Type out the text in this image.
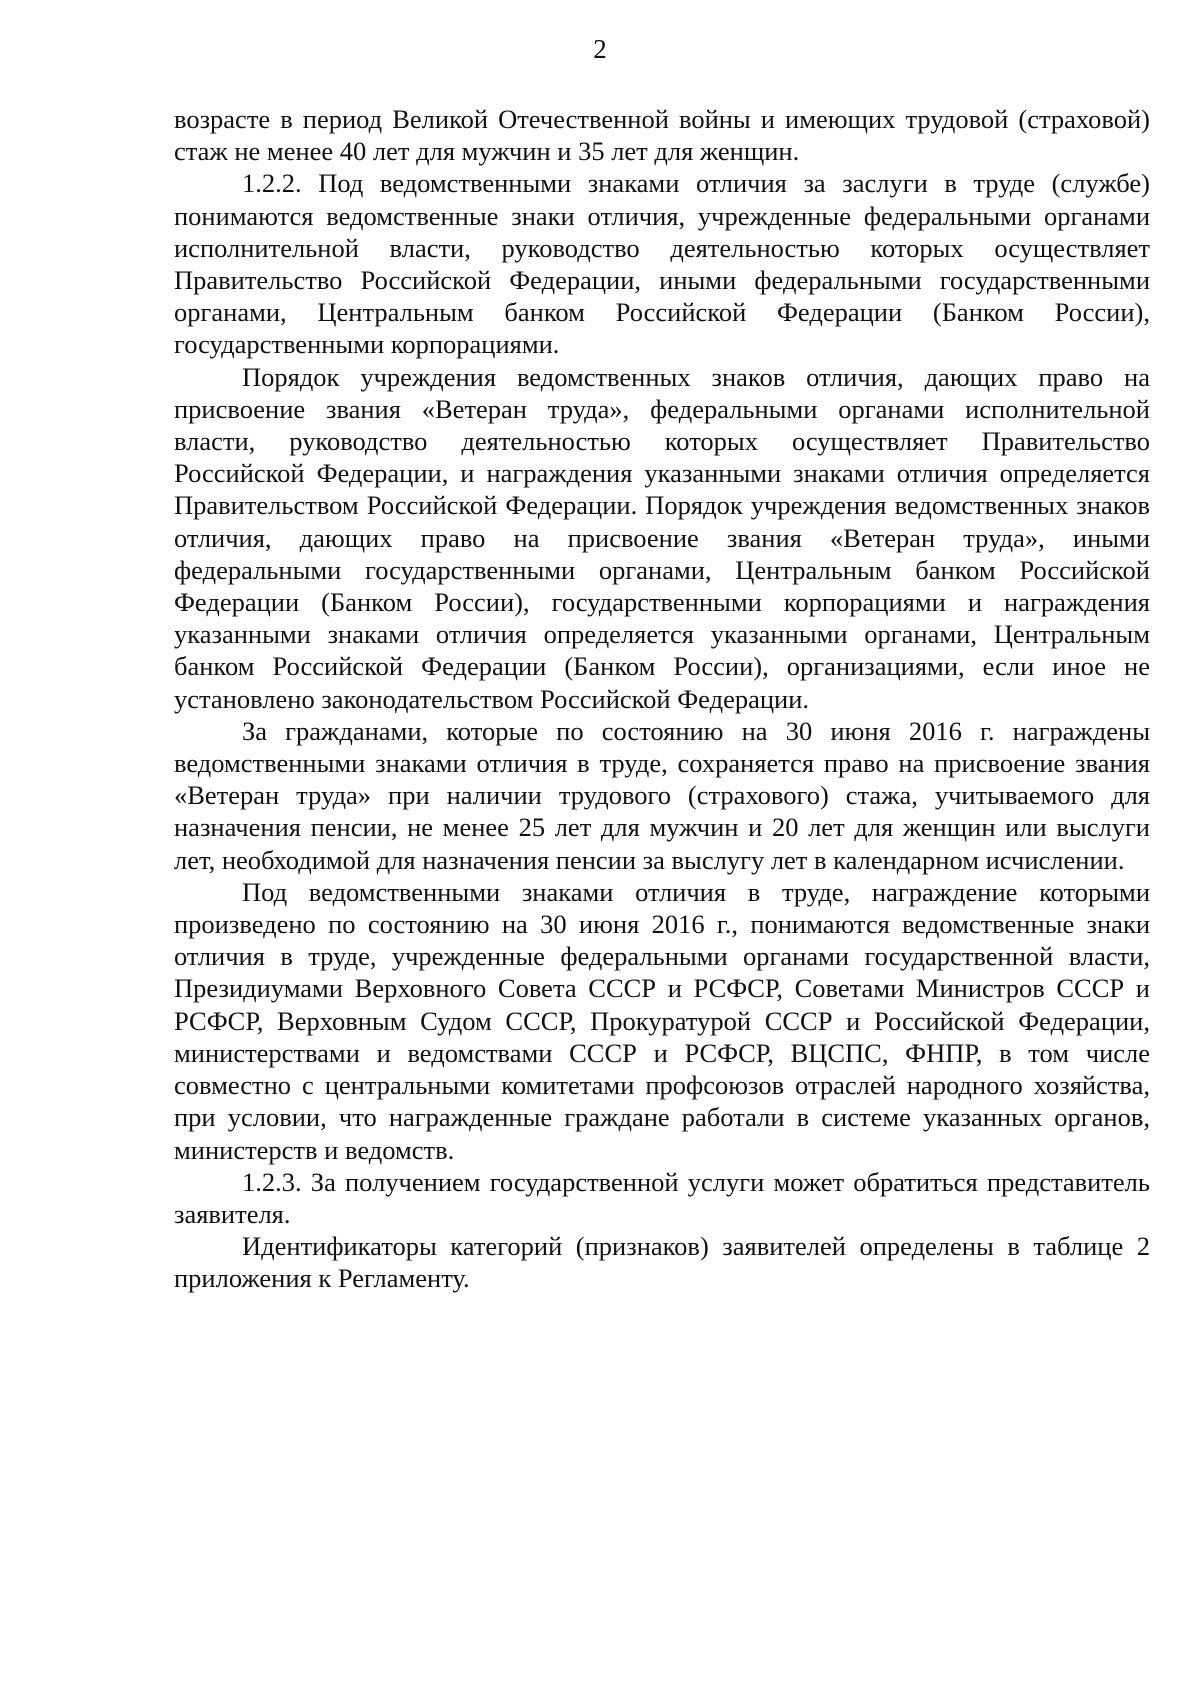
2

возрасте в период Великой Отечественной войны и имеющих трудовой (страховой) стаж не менее 40 лет для мужчин и 35 лет для женщин.

1.2.2. Под ведомственными знаками отличия за заслуги в труде (службе) понимаются ведомственные знаки отличия, учрежденные федеральными органами исполнительной власти, руководство деятельностью которых осуществляет Правительство Российской Федерации, иными федеральными государственными органами, Центральным банком Российской Федерации (Банком России), государственными корпорациями.

Порядок учреждения ведомственных знаков отличия, дающих право на присвоение звания «Ветеран труда», федеральными органами исполнительной власти, руководство деятельностью которых осуществляет Правительство Российской Федерации, и награждения указанными знаками отличия определяется Правительством Российской Федерации. Порядок учреждения ведомственных знаков отличия, дающих право на присвоение звания «Ветеран труда», иными федеральными государственными органами, Центральным банком Российской Федерации (Банком России), государственными корпорациями и награждения указанными знаками отличия определяется указанными органами, Центральным банком Российской Федерации (Банком России), организациями, если иное не установлено законодательством Российской Федерации.

За гражданами, которые по состоянию на 30 июня 2016 г. награждены ведомственными знаками отличия в труде, сохраняется право на присвоение звания «Ветеран труда» при наличии трудового (страхового) стажа, учитываемого для назначения пенсии, не менее 25 лет для мужчин и 20 лет для женщин или выслуги лет, необходимой для назначения пенсии за выслугу лет в календарном исчислении.

Под ведомственными знаками отличия в труде, награждение которыми произведено по состоянию на 30 июня 2016 г., понимаются ведомственные знаки отличия в труде, учрежденные федеральными органами государственной власти, Президиумами Верховного Совета СССР и РСФСР, Советами Министров СССР и РСФСР, Верховным Судом СССР, Прокуратурой СССР и Российской Федерации, министерствами и ведомствами СССР и РСФСР, ВЦСПС, ФНПР, в том числе совместно с центральными комитетами профсоюзов отраслей народного хозяйства, при условии, что награжденные граждане работали в системе указанных органов, министерств и ведомств.

1.2.3. За получением государственной услуги может обратиться представитель заявителя.

Идентификаторы категорий (признаков) заявителей определены в таблице 2 приложения к Регламенту.
